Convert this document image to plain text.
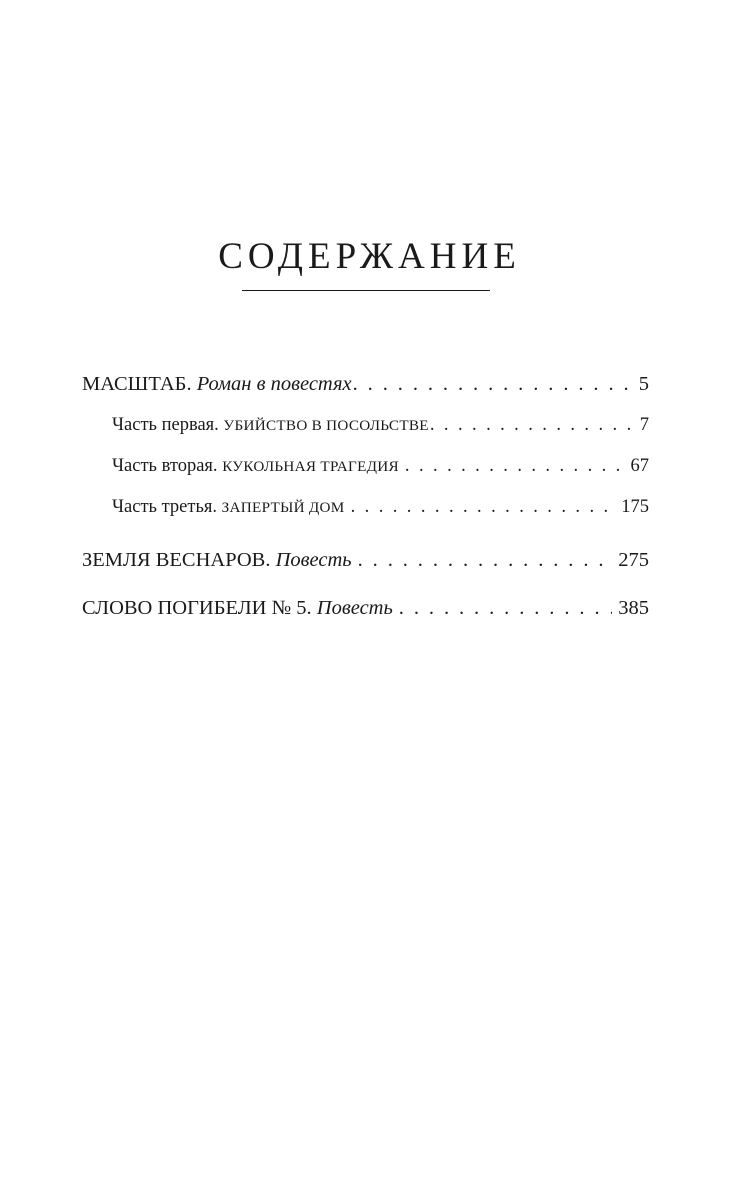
СОДЕРЖАНИЕ
МАСШТАБ. Роман в повестях . . .	5
Часть первая. УБИЙСТВО В ПОСОЛЬСТВЕ . . .	7
Часть вторая. КУКОЛЬНАЯ ТРАГЕДИЯ . . .	67
Часть третья. ЗАПЕРТЫЙ ДОМ . . .	175
ЗЕМЛЯ ВЕСНАРОВ. Повесть . . .	275
СЛОВО ПОГИБЕЛИ № 5. Повесть . . .	385
